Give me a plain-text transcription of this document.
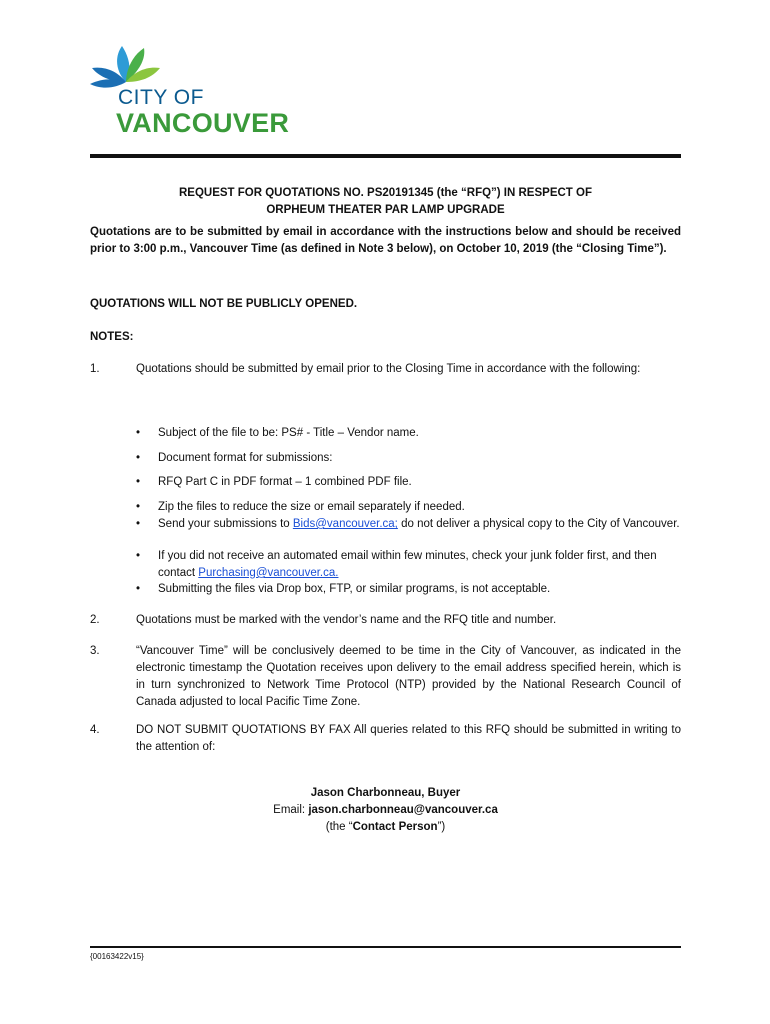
CITY OF
VANCOUVER
REQUEST FOR QUOTATIONS NO. PS20191345 (the “RFQ”) IN RESPECT OF
ORPHEUM THEATER PAR LAMP UPGRADE
Quotations are to be submitted by email in accordance with the instructions below and should be received prior to 3:00 p.m., Vancouver Time (as defined in Note 3 below), on October 10, 2019 (the “Closing Time”).
QUOTATIONS WILL NOT BE PUBLICLY OPENED.
NOTES:
1.	Quotations should be submitted by email prior to the Closing Time in accordance with the following:
• Subject of the file to be: PS# - Title – Vendor name.
• Document format for submissions:
• RFQ Part C in PDF format – 1 combined PDF file.
• Zip the files to reduce the size or email separately if needed.
• Send your submissions to Bids@vancouver.ca; do not deliver a physical copy to the City of Vancouver.
• If you did not receive an automated email within few minutes, check your junk folder first, and then contact Purchasing@vancouver.ca.
• Submitting the files via Drop box, FTP, or similar programs, is not acceptable.
2.	Quotations must be marked with the vendor’s name and the RFQ title and number.
3.	“Vancouver Time” will be conclusively deemed to be time in the City of Vancouver, as indicated in the electronic timestamp the Quotation receives upon delivery to the email address specified herein, which is in turn synchronized to Network Time Protocol (NTP) provided by the National Research Council of Canada adjusted to local Pacific Time Zone.
4.	DO NOT SUBMIT QUOTATIONS BY FAX All queries related to this RFQ should be submitted in writing to the attention of:
Jason Charbonneau, Buyer
Email: jason.charbonneau@vancouver.ca
(the “Contact Person”)
{00163422v15}
